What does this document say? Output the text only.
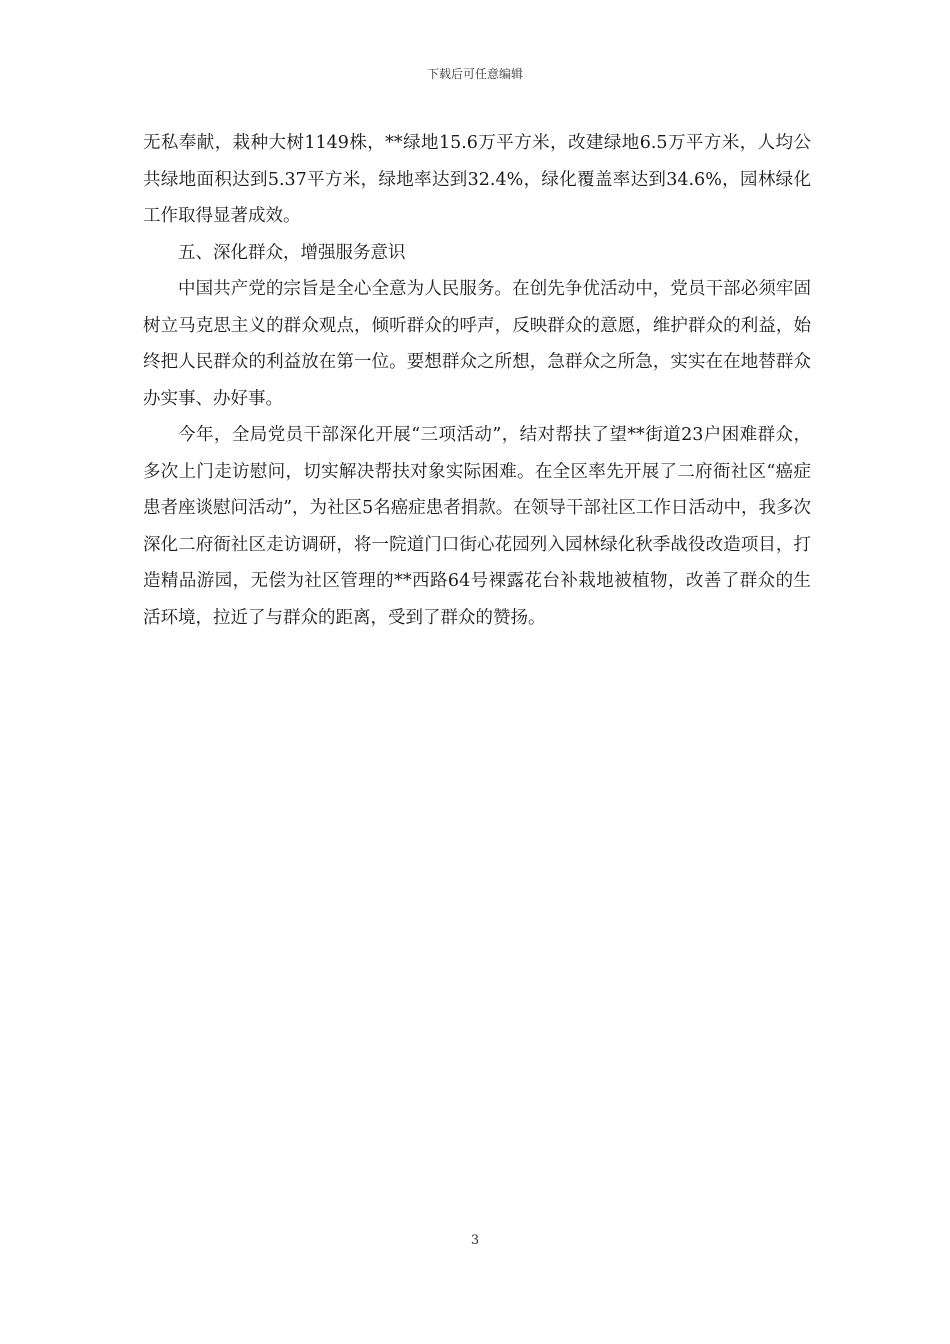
下载后可任意编辑

无私奉献，栽种大树1149株，**绿地15.6万平方米，改建绿地6.5万平方米，人均公共绿地面积达到5.37平方米，绿地率达到32.4%，绿化覆盖率达到34.6%，园林绿化工作取得显著成效。

五、深化群众，增强服务意识

中国共产党的宗旨是全心全意为人民服务。在创先争优活动中，党员干部必须牢固树立马克思主义的群众观点，倾听群众的呼声，反映群众的意愿，维护群众的利益，始终把人民群众的利益放在第一位。要想群众之所想，急群众之所急，实实在在地替群众办实事、办好事。

今年，全局党员干部深化开展“三项活动”，结对帮扶了望**街道23户困难群众，多次上门走访慰问，切实解决帮扶对象实际困难。在全区率先开展了二府衙社区“癌症患者座谈慰问活动”，为社区5名癌症患者捐款。在领导干部社区工作日活动中，我多次深化二府衙社区走访调研，将一院道门口街心花园列入园林绿化秋季战役改造项目，打造精品游园，无偿为社区管理的**西路64号裸露花台补栽地被植物，改善了群众的生活环境，拉近了与群众的距离，受到了群众的赞扬。

3
